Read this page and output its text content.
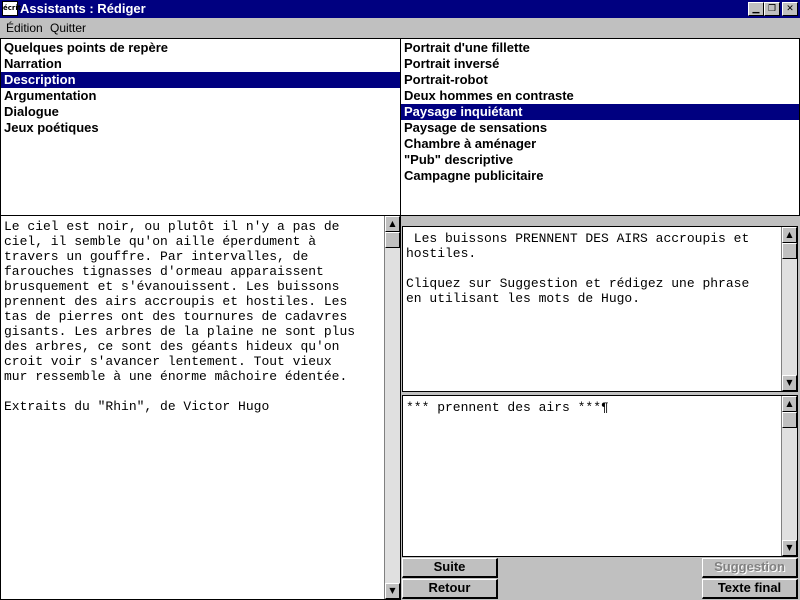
écrit
Assistants : Rédiger	▁ ❐	✕
Édition Quitter
Quelques points de repère
Narration
Description
Argumentation
Dialogue
Jeux poétiques
Portrait d'une fillette
Portrait inversé
Portrait-robot
Deux hommes en contraste
Paysage inquiétant
Paysage de sensations
Chambre à aménager
"Pub" descriptive
Campagne publicitaire
Le ciel est noir, ou plutôt il n'y a pas de
ciel, il semble qu'on aille éperdument à
travers un gouffre. Par intervalles, de
farouches tignasses d'ormeau apparaissent
brusquement et s'évanouissent. Les buissons
prennent des airs accroupis et hostiles. Les
tas de pierres ont des tournures de cadavres
gisants. Les arbres de la plaine ne sont plus
des arbres, ce sont des géants hideux qu'on
croit voir s'avancer lentement. Tout vieux
mur ressemble à une énorme mâchoire édentée.

Extraits du "Rhin", de Victor Hugo
▲
▼
Les buissons PRENNENT DES AIRS accroupis et
hostiles.

Cliquez sur Suggestion et rédigez une phrase
en utilisant les mots de Hugo.
▲
▼
*** prennent des airs ***¶	▲
▼
Suite
Retour
Suggestion
Texte final
